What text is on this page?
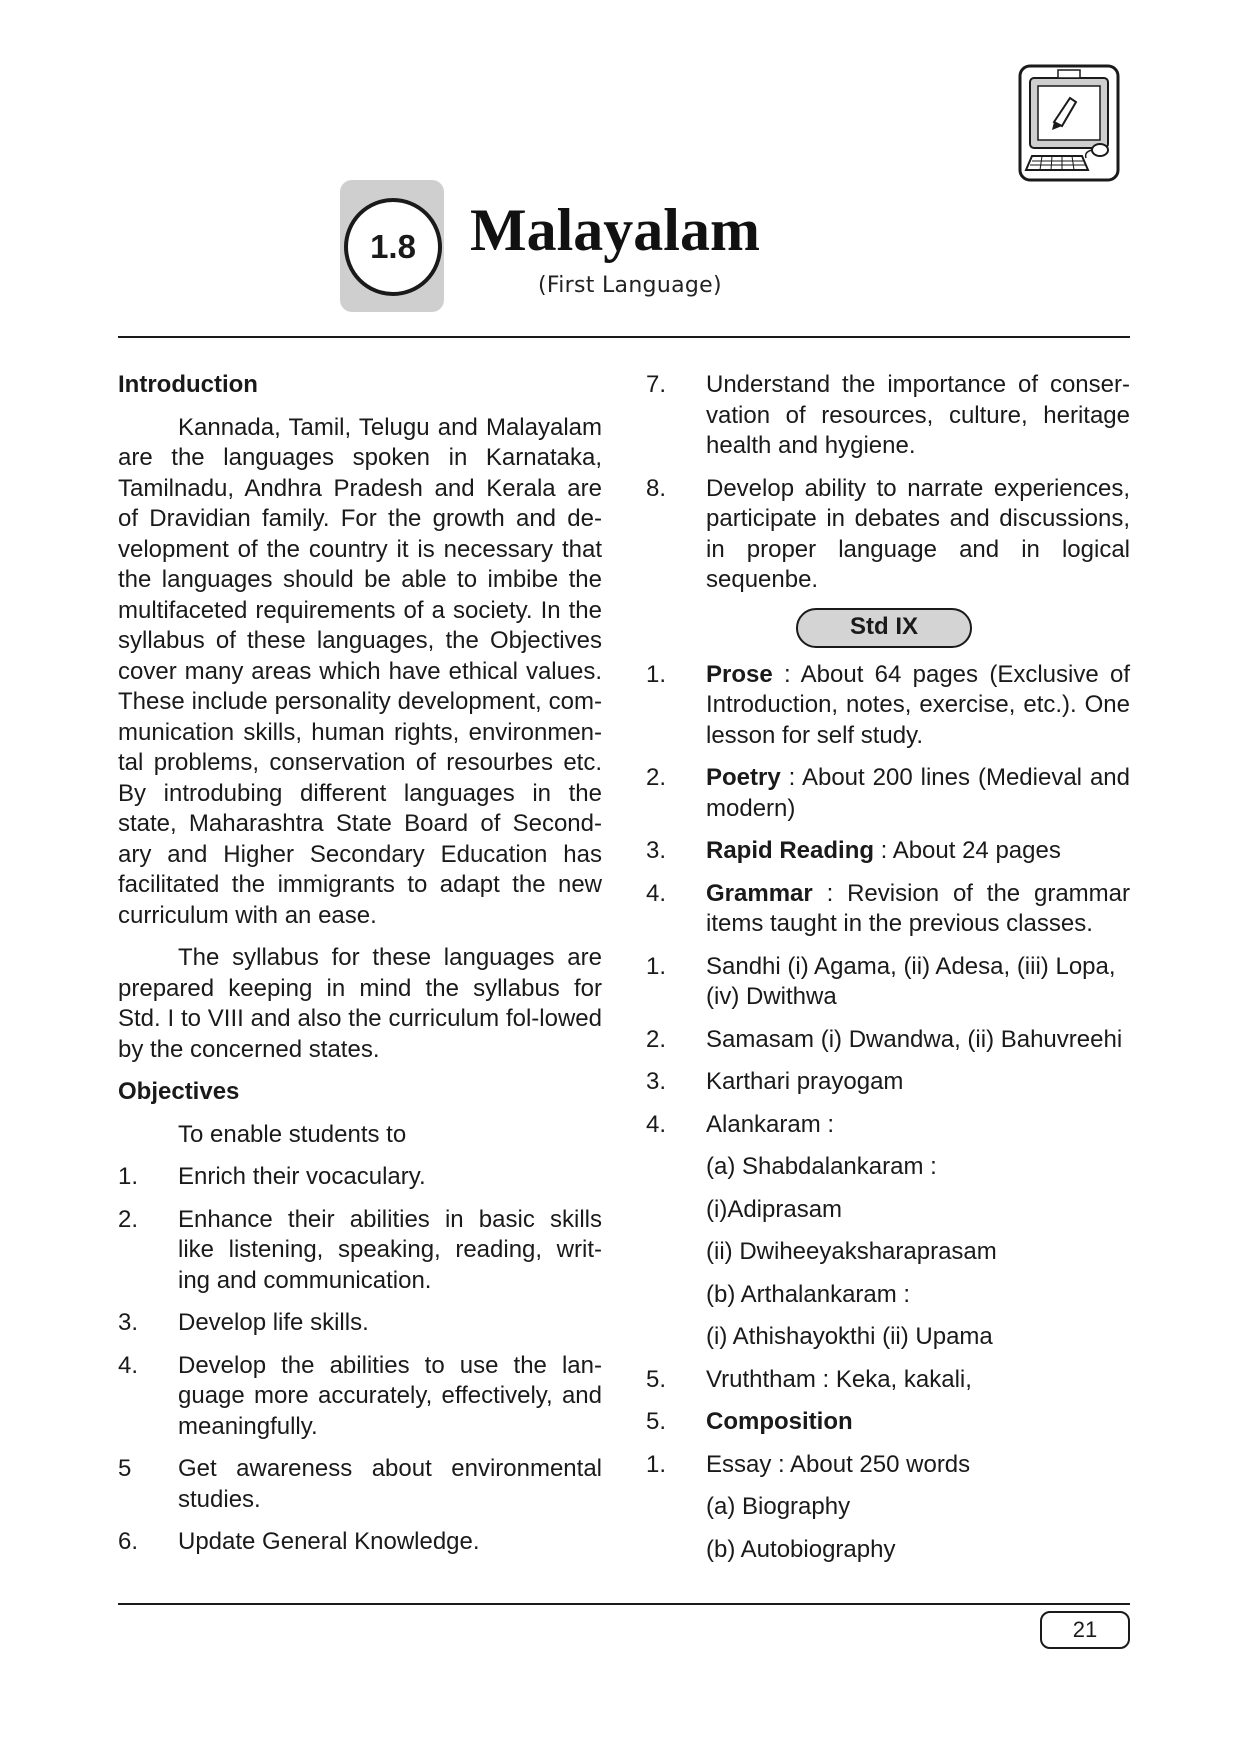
1.8 Malayalam
(First Language)
Introduction
Kannada, Tamil, Telugu and Malayalam are the languages spoken in Karnataka, Tamilnadu, Andhra Pradesh and Kerala are of Dravidian family. For the growth and de-velopment of the country it is necessary that the languages should be able to imbibe the multifaceted requirements of a society. In the syllabus of these languages, the Objectives cover many areas which have ethical values. These include personality development, com-munication skills, human rights, environmen-tal problems, conservation of resourbes etc. By introdubing different languages in the state, Maharashtra State Board of Second-ary and Higher Secondary Education has facilitated the immigrants to adapt the new curriculum with an ease.
The syllabus for these languages are prepared keeping in mind the syllabus for Std. I to VIII and also the curriculum fol-lowed by the concerned states.
Objectives
To enable students to
1.	Enrich their vocaculary.
2.	Enhance their abilities in basic skills like listening, speaking, reading, writ-ing and communication.
3.	Develop life skills.
4.	Develop the abilities to use the lan-guage more accurately, effectively, and meaningfully.
5	Get awareness about environmental studies.
6.	Update General Knowledge.
7.	Understand the importance of conser-vation of resources, culture, heritage health and hygiene.
8.	Develop ability to narrate experiences, participate in debates and discussions, in proper language and in logical sequenbe.
Std IX
1.	Prose : About 64 pages (Exclusive of Introduction, notes, exercise, etc.). One lesson for self study.
2.	Poetry : About 200 lines (Medieval and modern)
3.	Rapid Reading : About 24 pages
4.	Grammar : Revision of the grammar items taught in the previous classes.
1.	Sandhi (i) Agama, (ii) Adesa, (iii) Lopa, (iv) Dwithwa
2.	Samasam (i) Dwandwa, (ii) Bahuvreehi
3.	Karthari prayogam
4.	Alankaram :
(a) Shabdalankaram :
(i)Adiprasam
(ii) Dwiheeyaksharaprasam
(b) Arthalankaram :
(i) Athishayokthi (ii) Upama
5.	Vruththam : Keka, kakali,
5.	Composition
1.	Essay : About 250 words
(a) Biography
(b) Autobiography
21
